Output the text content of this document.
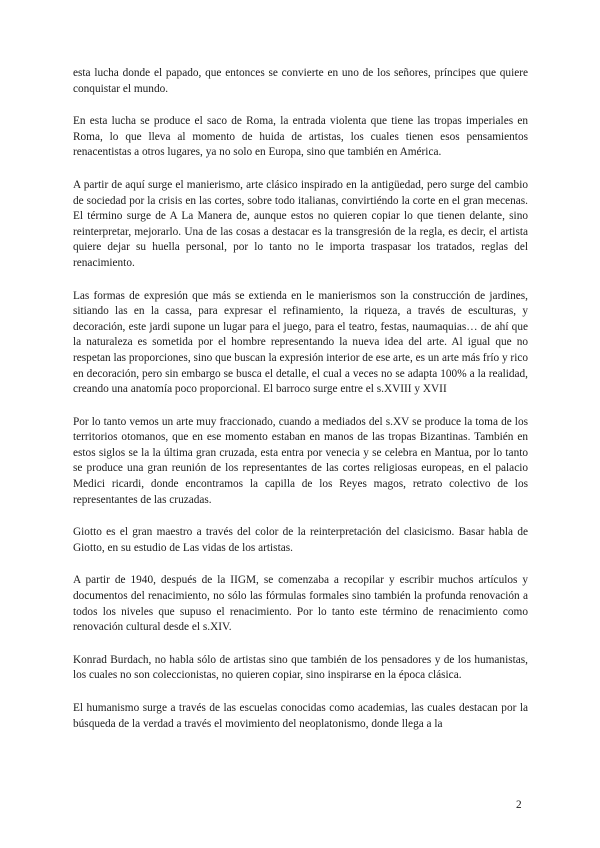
esta lucha donde el papado, que entonces se convierte en uno de los señores, príncipes que quiere conquistar el mundo.

En esta lucha se produce el saco de Roma, la entrada violenta que tiene las tropas imperiales en Roma, lo que lleva al momento de huida de artistas, los cuales tienen esos pensamientos renacentistas a otros lugares, ya no solo en Europa, sino que también en América.

A partir de aquí surge el manierismo, arte clásico inspirado en la antigüedad, pero surge del cambio de sociedad por la crisis en las cortes, sobre todo italianas, convirtiéndo la corte en el gran mecenas. El término surge de A La Manera de, aunque estos no quieren copiar lo que tienen delante, sino reinterpretar, mejorarlo. Una de las cosas a destacar es la transgresión de la regla, es decir, el artista quiere dejar su huella personal, por lo tanto no le importa traspasar los tratados, reglas del renacimiento.

Las formas de expresión que más se extienda en le manierismos son la construcción de jardines, sitiando las en la cassa, para expresar el refinamiento, la riqueza, a través de esculturas, y decoración, este jardi supone un lugar para el juego, para el teatro, festas, naumaquias… de ahí que la naturaleza es sometida por el hombre representando la nueva idea del arte. Al igual que no respetan las proporciones, sino que buscan la expresión interior de ese arte, es un arte más frío y rico en decoración, pero sin embargo se busca el detalle, el cual a veces no se adapta 100% a la realidad, creando una anatomía poco proporcional. El barroco surge entre el s.XVIII y XVII

Por lo tanto vemos un arte muy fraccionado, cuando a mediados del s.XV se produce la toma de los territorios otomanos, que en ese momento estaban en manos de las tropas Bizantinas. También en estos siglos se la la última gran cruzada, esta entra por venecia y se celebra en Mantua, por lo tanto se produce una gran reunión de los representantes de las cortes religiosas europeas, en el palacio Medici ricardi, donde encontramos la capilla de los Reyes magos, retrato colectivo de los representantes de las cruzadas.

Giotto es el gran maestro a través del color de la reinterpretación del clasicismo. Basar habla de Giotto, en su estudio de Las vidas de los artistas.

A partir de 1940, después de la IIGM, se comenzaba a recopilar y escribir muchos artículos y documentos del renacimiento, no sólo las fórmulas formales sino también la profunda renovación a todos los niveles que supuso el renacimiento. Por lo tanto este término de renacimiento como renovación cultural desde el s.XIV.

Konrad Burdach, no habla sólo de artistas sino que también de los pensadores y de los humanistas, los cuales no son coleccionistas, no quieren copiar, sino inspirarse en la época clásica.

El humanismo surge a través de las escuelas conocidas como academias, las cuales destacan por la búsqueda de la verdad a través el movimiento del neoplatonismo, donde llega a la

2
